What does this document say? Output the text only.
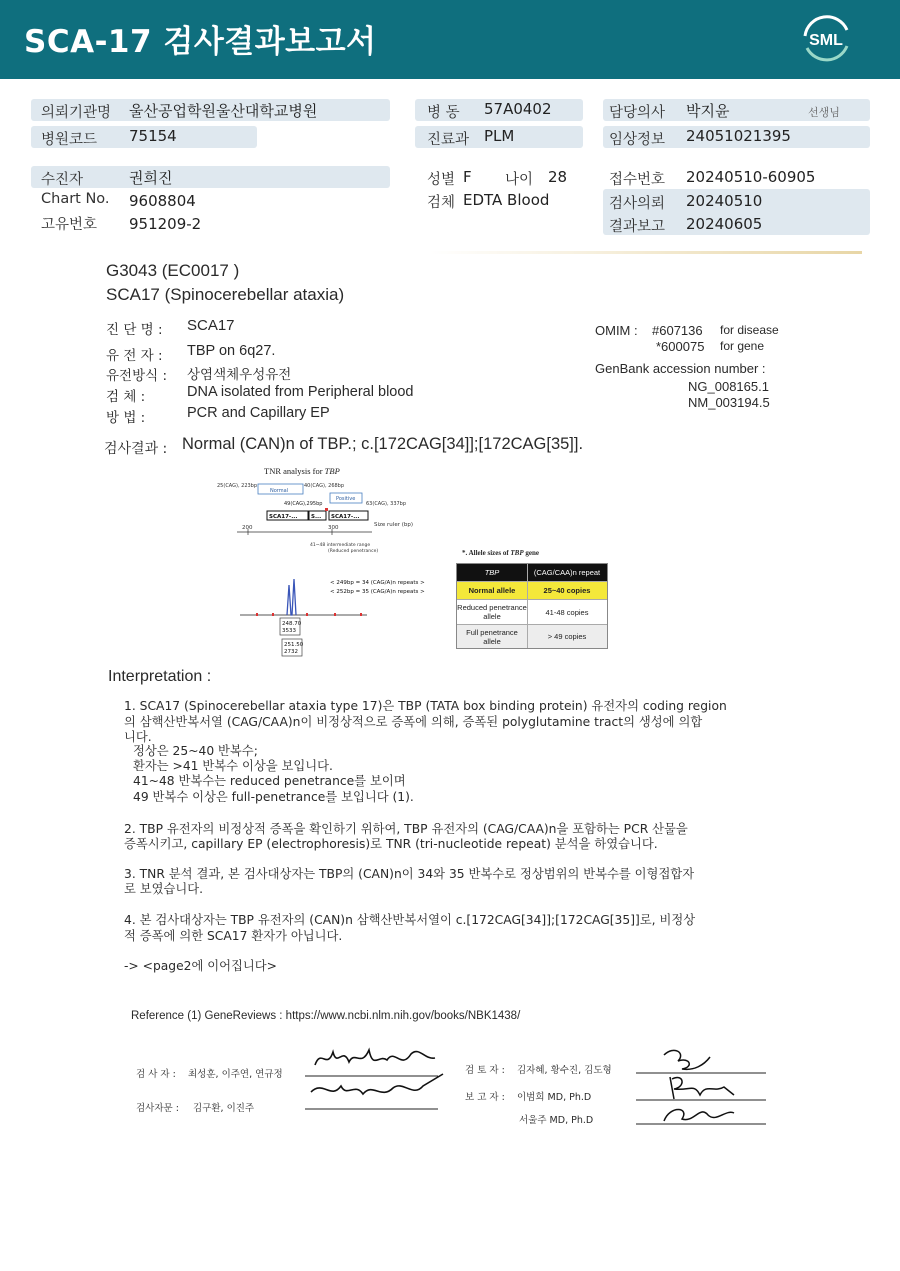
SCA-17 검사결과보고서	SML
의뢰기관명 울산공업학원울산대학교병원	병 동 57A0402	담당의사 박지윤	선생님
병원코드 75154	진료과 PLM	임상정보 24051021395
수진자	권희진	성별 F 나이 28	접수번호 20240510-60905
Chart No. 9608804	검체 EDTA Blood	검사의뢰 20240510
고유번호 951209-2	결과보고 20240605
G3043 (EC0017 )
SCA17 (Spinocerebellar ataxia)
진 단 명 : SCA17
유 전 자 : TBP on 6q27.
유전방식 : 상염색체우성유전
검 체 :	DNA isolated from Peripheral blood
방 법 :	PCR and Capillary EP
OMIM : #607136 for disease
*600075 for gene
GenBank accession number :
NG_008165.1
NM_003194.5
검사결과 : Normal (CAN)n of TBP.; c.[172CAG[34]];[172CAG[35]].
TNR analysis for TBP
25(CAG), 223bp	40(CAG), 268bp
Normal
Positive
49(CAG),295bp	63(CAG), 337bp
SCA17-... S... SCA17-...
200	300	Size ruler (bp)
41~48 intermediate range
(Reduced penetrance)
< 249bp = 34 (CAG/A)n repeats >
< 252bp = 35 (CAG/A)n repeats >
248.70
3533
251.50
2732
*. Allele sizes of TBP gene
TBP	(CAG/CAA)n repeat
Normal allele	25~40 copies
Reduced penetrance allele	41-48 copies
Full penetrance allele	> 49 copies
Interpretation :
1. SCA17 (Spinocerebellar ataxia type 17)은 TBP (TATA box binding protein) 유전자의 coding region
의 삼핵산반복서열 (CAG/CAA)n이 비정상적으로 증폭에 의해, 증폭된 polyglutamine tract의 생성에 의합
니다.
정상은 25~40 반복수;
환자는 >41 반복수 이상을 보입니다.
41~48 반복수는 reduced penetrance를 보이며
49 반복수 이상은 full-penetrance를 보입니다 (1).
2. TBP 유전자의 비정상적 증폭을 확인하기 위하여, TBP 유전자의 (CAG/CAA)n을 포함하는 PCR 산물을
증폭시키고, capillary EP (electrophoresis)로 TNR (tri-nucleotide repeat) 분석을 하였습니다.
3. TNR 분석 결과, 본 검사대상자는 TBP의 (CAN)n이 34와 35 반복수로 정상범위의 반복수를 이형접합자
로 보였습니다.
4. 본 검사대상자는 TBP 유전자의 (CAN)n 삼핵산반복서열이 c.[172CAG[34]];[172CAG[35]]로, 비정상
적 증폭에 의한 SCA17 환자가 아닙니다.
-> <page2에 이어집니다>
Reference (1) GeneReviews : https://www.ncbi.nlm.nih.gov/books/NBK1438/
검 사 자 : 최성훈, 이주연, 연규정
검사자문 : 김구환, 이진주
검 토 자 : 김자혜, 황수진, 김도형
보 고 자 : 이범희 MD, Ph.D
서울주 MD, Ph.D
